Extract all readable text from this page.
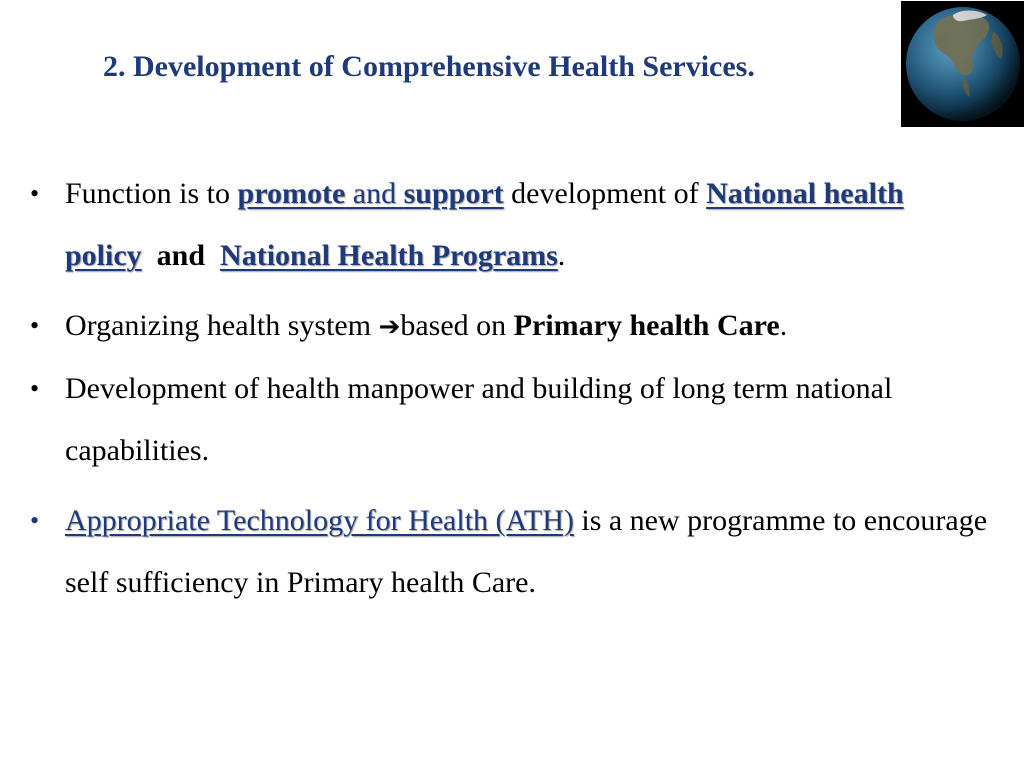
2. Development of Comprehensive Health Services.
• Function is to promote and support development of National health policy  and  National Health Programs.
• Organizing health system ➔based on Primary health Care.
• Development of health manpower and building of long term national capabilities.
• Appropriate Technology for Health (ATH) is a new programme to encourage self sufficiency in Primary health Care.
